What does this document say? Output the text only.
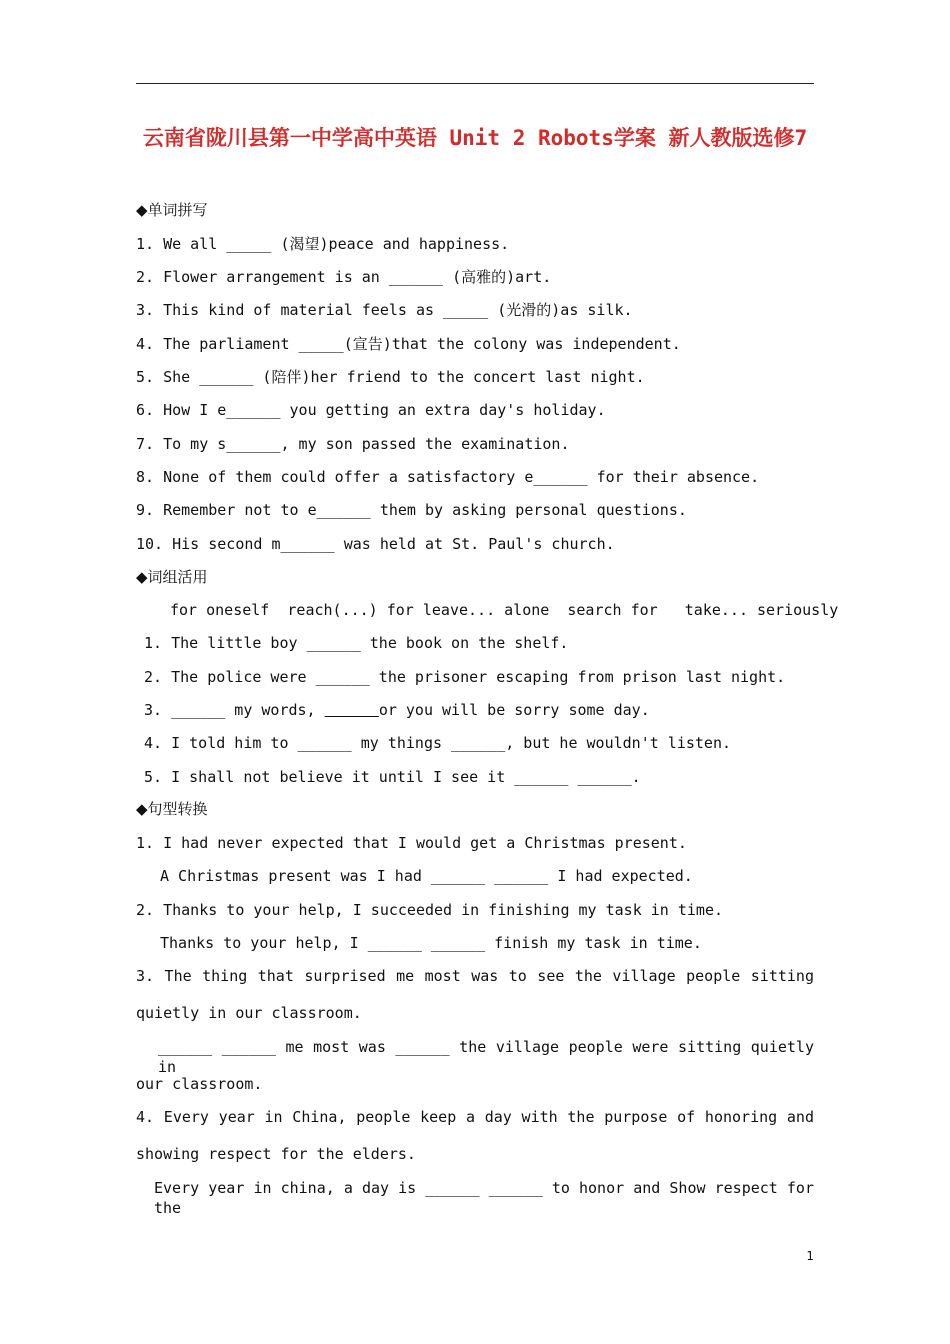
云南省陇川县第一中学高中英语 Unit 2 Robots学案 新人教版选修7
◆单词拼写
1. We all _____ (渴望)peace and happiness.
2. Flower arrangement is an ______ (高雅的)art.
3. This kind of material feels as _____ (光滑的)as silk.
4. The parliament _____(宣告)that the colony was independent.
5. She ______ (陪伴)her friend to the concert last night.
6. How I e______ you getting an extra day's holiday.
7. To my s______, my son passed the examination.
8. None of them could offer a satisfactory e______ for their absence.
9. Remember not to e______ them by asking personal questions.
10. His second m______ was held at St. Paul's church.
◆词组活用
for oneself  reach(...) for leave... alone  search for   take... seriously
1. The little boy ______ the book on the shelf.
2. The police were ______ the prisoner escaping from prison last night.
3. ______ my words,	or you will be sorry some day.
4. I told him to ______ my things ______, but he wouldn't listen.
5. I shall not believe it until I see it ______ ______.
◆句型转换
1. I had never expected that I would get a Christmas present.
A Christmas present was I had ______ ______ I had expected.
2. Thanks to your help, I succeeded in finishing my task in time.
Thanks to your help, I ______ ______ finish my task in time.
3. The thing that surprised me most was to see the village people sitting
quietly in our classroom.
______ ______ me most was ______ the village people were sitting quietly in
our classroom.
4. Every year in China, people keep a day with the purpose of honoring and
showing respect for the elders.
Every year in china, a day is ______ ______ to honor and Show respect for the
1
